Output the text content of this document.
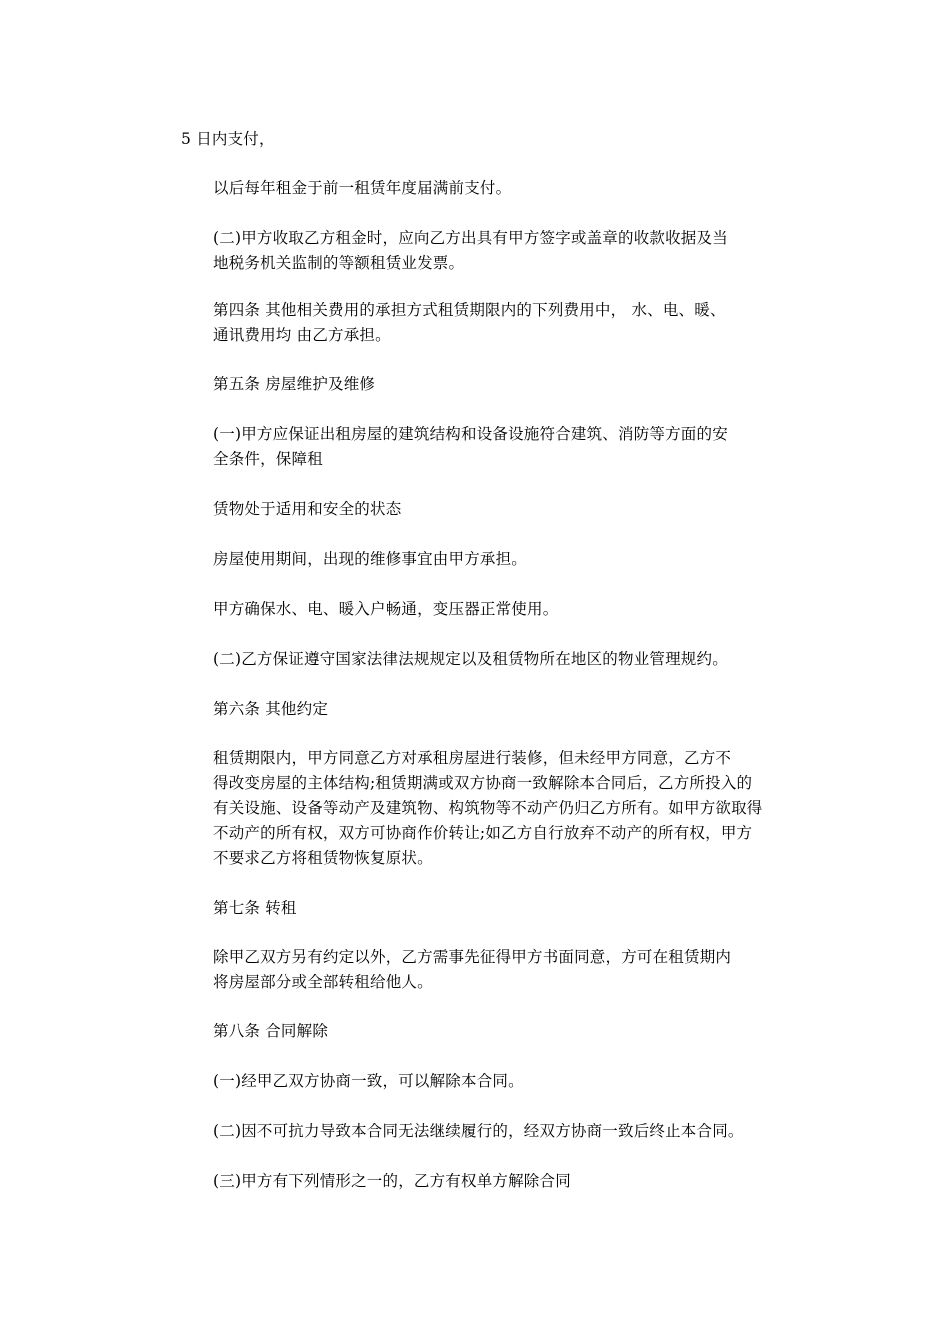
5 日内支付，

以后每年租金于前一租赁年度届满前支付。

(二)甲方收取乙方租金时，应向乙方出具有甲方签字或盖章的收款收据及当
地税务机关监制的等额租赁业发票。

第四条 其他相关费用的承担方式租赁期限内的下列费用中， 水、电、暖、
通讯费用均 由乙方承担。

第五条 房屋维护及维修

(一)甲方应保证出租房屋的建筑结构和设备设施符合建筑、消防等方面的安
全条件，保障租

赁物处于适用和安全的状态

房屋使用期间，出现的维修事宜由甲方承担。

甲方确保水、电、暖入户畅通，变压器正常使用。

(二)乙方保证遵守国家法律法规规定以及租赁物所在地区的物业管理规约。

第六条 其他约定

租赁期限内，甲方同意乙方对承租房屋进行装修，但未经甲方同意，乙方不
得改变房屋的主体结构;租赁期满或双方协商一致解除本合同后，乙方所投入的
有关设施、设备等动产及建筑物、构筑物等不动产仍归乙方所有。如甲方欲取得
不动产的所有权，双方可协商作价转让;如乙方自行放弃不动产的所有权，甲方
不要求乙方将租赁物恢复原状。

第七条 转租

除甲乙双方另有约定以外，乙方需事先征得甲方书面同意，方可在租赁期内
将房屋部分或全部转租给他人。

第八条 合同解除

(一)经甲乙双方协商一致，可以解除本合同。

(二)因不可抗力导致本合同无法继续履行的，经双方协商一致后终止本合同。

(三)甲方有下列情形之一的，乙方有权单方解除合同
